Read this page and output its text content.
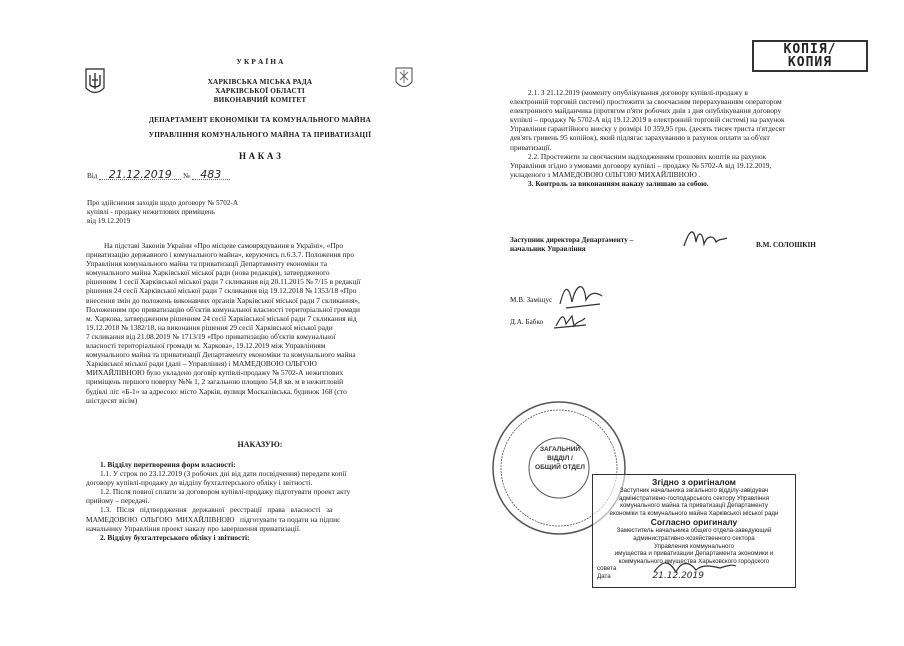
У К Р А Ї Н А
ХАРКІВСЬКА МІСЬКА РАДА
ХАРКІВСЬКОЇ ОБЛАСТІ
ВИКОНАВЧИЙ КОМІТЕТ
ДЕПАРТАМЕНТ ЕКОНОМІКИ ТА КОМУНАЛЬНОГО МАЙНА
УПРАВЛІННЯ КОМУНАЛЬНОГО МАЙНА ТА ПРИВАТИЗАЦІЇ
Н А К А З
Від 21.12.2019 № 483
Про здійснення заходів щодо договору № 5702-А
купівлі - продажу нежитлових приміщень
від 19.12.2019
На підставі Законів України «Про місцеве самоврядування в Україні», «Про
приватизацію державного і комунального майна», керуючись п.6.3.7. Положення про
Управління комунального майна та приватизації Департаменту економіки та
комунального майна Харківської міської ради (нова редакція), затвердженого
рішенням 1 сесії Харківської міської ради 7 скликання від 20.11.2015 № 7/15 в редакції
рішення 24 сесії Харківської міської ради 7 скликання від 19.12.2018 № 1353/18 «Про
внесення змін до положень виконавчих органів Харківської міської ради 7 скликання»,
Положенням про приватизацію об'єктів комунальної власності територіальної громади
м. Харкова, затвердженим рішенням 24 сесії Харківської міської ради 7 скликання від
19.12.2018 № 1382/18, на виконання рішення 29 сесії Харківської міської ради
7 скликання від 21.08.2019 № 1713/19 «Про приватизацію об'єктів комунальної
власності територіальної громади м. Харкова», 19.12.2019 між Управлінням
комунального майна та приватизації Департаменту економіки та комунального майна
Харківської міської ради (далі – Управління) і МАМЕДОВОЮ ОЛЬГОЮ
МИХАЙЛІВНОЮ було укладено договір купівлі-продажу № 5702-А нежитлових
приміщень першого поверху №№ 1, 2 загальною площею 54,8 кв. м в нежитловій
будівлі літ. «Б-1» за адресою: місто Харків, вулиця Москалівська, будинок 168 (сто
шістдесят вісім)
НАКАЗУЮ:
1. Відділу перетворення форм власності:
1.1. У строк по 23.12.2019 (3 робочих дні від дати посвідчення) передати копії
договору купівлі-продажу до відділу бухгалтерського обліку і звітності.
1.2. Після повної сплати за договором купівлі-продажу підготувати проект акту
прийому – передачі.
1.3.   Після   підтвердження   державної   реєстрації   права   власності   за
МАМЕДОВОЮ  ОЛЬГОЮ  МИХАЙЛІВНОЮ   підготувати та подати на підпис
начальнику Управління проект наказу про завершення приватизації.
2. Відділу бухгалтерського обліку і звітності:
КОПІЯ/
КОПИЯ
2.1. З 21.12.2019 (моменту опублікування договору купівлі-продажу в
електронній торговій системі) простежити за своєчасним перерахуванням оператором
електронного майданчика (протягом п'яти робочих днів з дня опублікування договору
купівлі – продажу № 5702-А від 19.12.2019 в електронній торговій системі) на рахунок
Управління гарантійного внеску у розмірі 10 359,95 грн. (десять тисяч триста п'ятдесят
дев'ять гривень 95 копійок), який підлягає зарахуванню в рахунок оплати за об'єкт
приватизації.
2.2. Простежити за своєчасним надходженням грошових коштів на рахунок
Управління згідно з умовами договору купівлі – продажу № 5702-А від 19.12.2019,
укладеного з МАМЕДОВОЮ ОЛЬГОЮ МИХАЙЛІВНОЮ .
3. Контроль за виконанням наказу залишаю за собою.
Заступник директора Департаменту –
начальник Управління	В.М. СОЛОШКІН
М.В. Заміщус
Д.А. Бабко
ЗАГАЛЬНИЙ
ВІДДІЛ /
ОБЩИЙ ОТДЕЛ
Згідно з оригіналом
Заступник начальника загального відділу-завідувач
адміністративно-господарського сектору Управління
комунального майна та приватизації Департаменту
економіки та комунального майна Харківської міської ради
Согласно оригиналу
Заместитель начальника общего отдела-заведующий
административно-хозяйственного сектора
Управления коммунального
имущества и приватизации Департамента экономики и
коммунального имущества Харьковского городского
совета
Дата	21.12.2019
